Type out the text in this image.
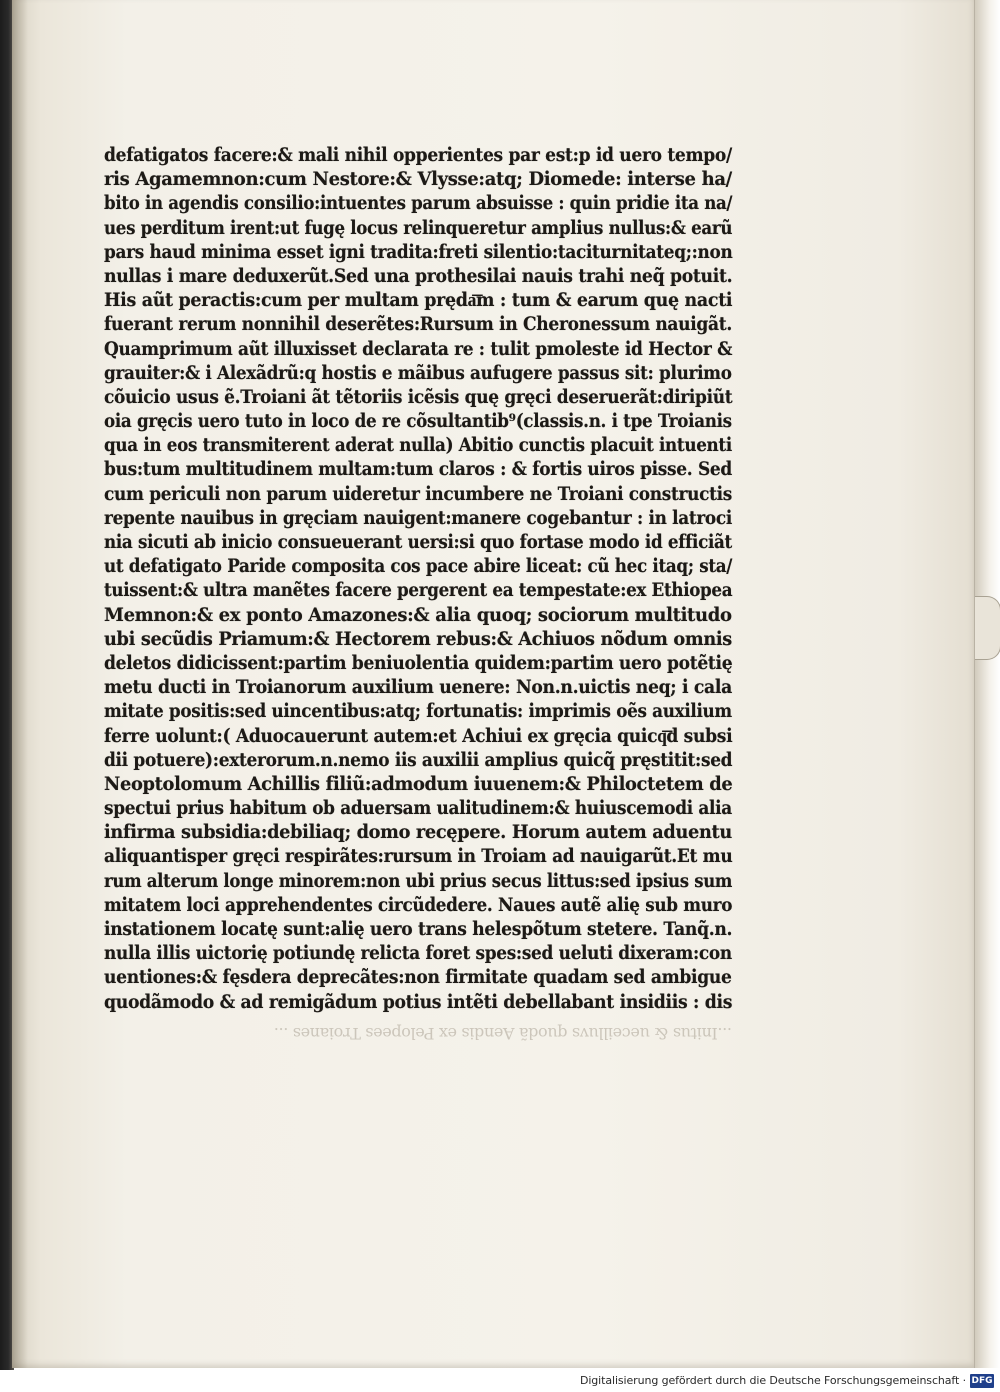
defatigatos facere:& mali nihil opperientes par est:p id uero tempo/
ris Agamemnon:cum Nestore:& Vlysse:atq; Diomede: interse ha/
bito in agendis consilio:intuentes parum absuisse : quin pridie ita na/
ues perditum irent:ut fugę locus relinqueretur amplius nullus:& earũ
pars haud minima esset igni tradita:freti silentio:taciturnitateq;:non
nullas i mare deduxerũt.Sed una prothesilai nauis trahi neq̃ potuit.
His aũt peractis:cum per multam pręda͞m : tum & earum quę nacti
fuerant rerum nonnihil deserẽtes:Rursum in Cheronessum nauigãt.
Quamprimum aũt illuxisset declarata re : tulit pmoleste id Hector &
grauiter:& i Alexãdrũ:q hostis e mãibus aufugere passus sit: plurimo
cõuicio usus ẽ.Troiani ãt tẽtoriis icẽsis quę gręci deseruerãt:diripiũt
oia gręcis uero tuto in loco de re cõsultantib⁹(classis.n. i tpe Troianis
qua in eos transmiterent aderat nulla) Abitio cunctis placuit intuenti
bus:tum multitudinem multam:tum claros : & fortis uiros pisse. Sed
cum periculi non parum uideretur incumbere ne Troiani constructis
repente nauibus in gręciam nauigent:manere cogebantur : in latroci
nia sicuti ab inicio consueuerant uersi:si quo fortase modo id efficiãt
ut defatigato Paride composita cos pace abire liceat: cũ hec itaq; sta/
tuissent:& ultra manẽtes facere pergerent ea tempestate:ex Ethiopea
Memnon:& ex ponto Amazones:& alia quoq; sociorum multitudo
ubi secũdis Priamum:& Hectorem rebus:& Achiuos nõdum omnis
deletos didicissent:partim beniuolentia quidem:partim uero potẽtię
metu ducti in Troianorum auxilium uenere: Non.n.uictis neq; i cala
mitate positis:sed uincentibus:atq; fortunatis: imprimis oẽs auxilium
ferre uolunt:( Aduocauerunt autem:et Achiui ex gręcia quicq͞d subsi
dii potuere):exterorum.n.nemo iis auxilii amplius quicq̃ pręstitit:sed
Neoptolomum Achillis filiũ:admodum iuuenem:& Philoctetem de
spectui prius habitum ob aduersam ualitudinem:& huiuscemodi alia
infirma subsidia:debiliaq; domo recępere. Horum autem aduentu
aliquantisper gręci respirãtes:rursum in Troiam ad nauigarũt.Et mu
rum alterum longe minorem:non ubi prius secus littus:sed ipsius sum
mitatem loci apprehendentes circũdedere. Naues autẽ alię sub muro
instationem locatę sunt:alię uero trans helespõtum stetere. Tanq̃.n.
nulla illis uictorię potiundę relicta foret spes:sed ueluti dixeram:con
uentiones:& fęsdera deprecãtes:non firmitate quadam sed ambigue
quodãmodo & ad remigãdum potius intẽti debellabant insidiis : dis
...Initus & ueceilluvs quodã Aendis ex Pelopees Troianes ...
Digitalisierung gefördert durch die Deutsche Forschungsgemeinschaft · DFG
